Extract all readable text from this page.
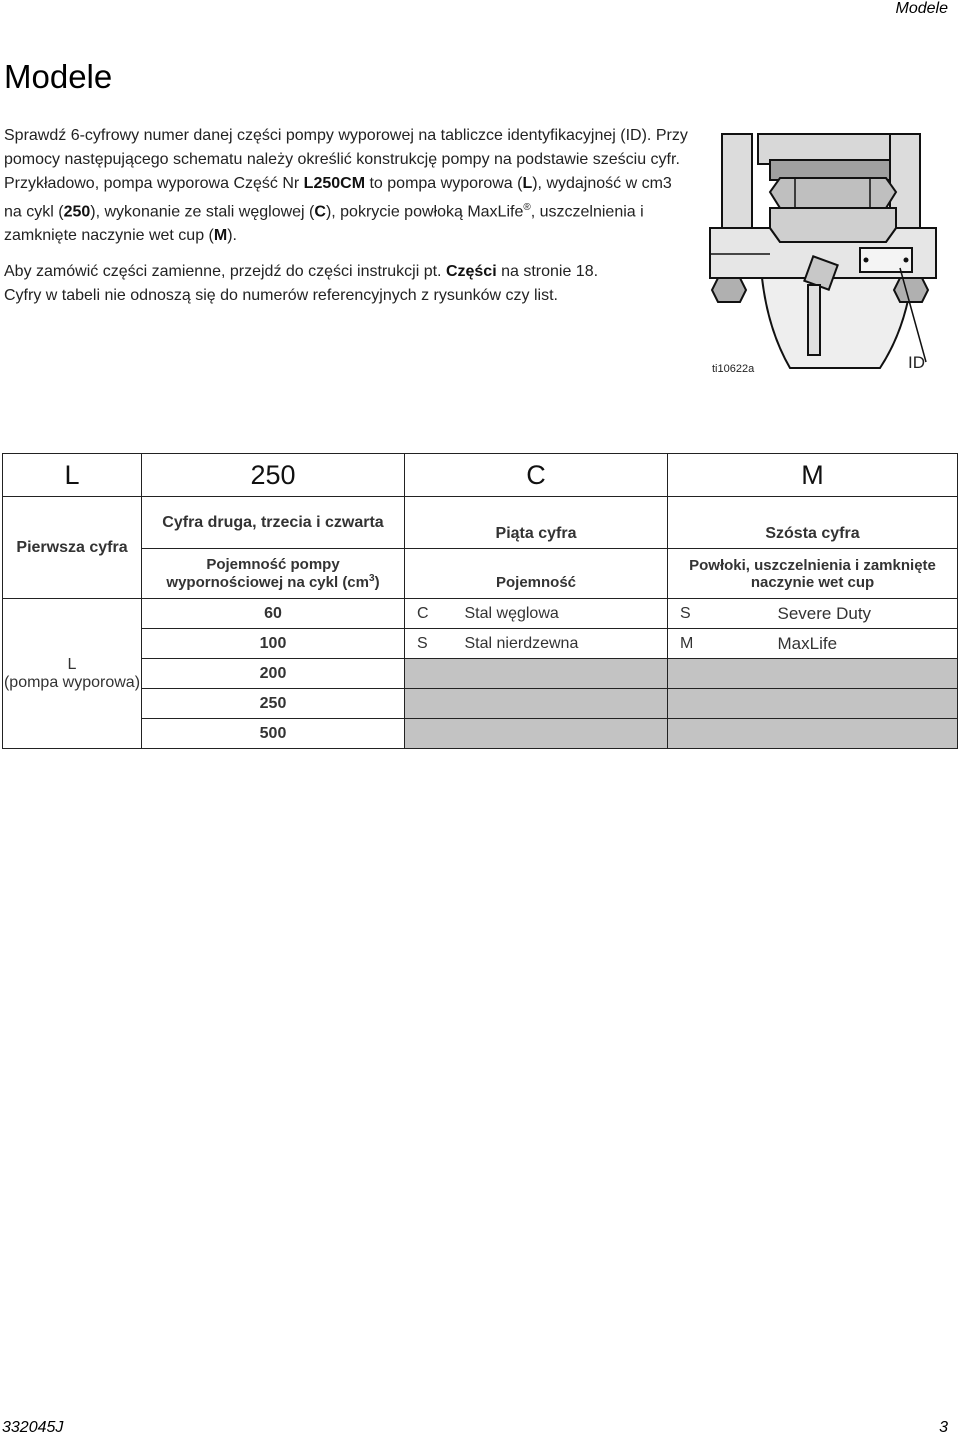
Modele
Modele

Sprawdź 6-cyfrowy numer danej części pompy wyporowej na tabliczce identyfikacyjnej (ID). Przy pomocy następującego schematu należy określić konstrukcję pompy na podstawie sześciu cyfr. Przykładowo, pompa wyporowa Część Nr L250CM to pompa wyporowa (L), wydajność w cm3 na cykl (250), wykonanie ze stali węglowej (C), pokrycie powłoką MaxLife®, uszczelnienia i zamknięte naczynie wet cup (M).

Aby zamówić części zamienne, przejdź do części instrukcji pt. Części na stronie 18.
Cyfry w tabeli nie odnoszą się do numerów referencyjnych z rysunków czy list.

ti10622a	ID
L	250	C		M	
Pierwsza cyfra	Cyfra druga, trzecia i czwarta	Piąta cyfra		Szósta cyfra	
	Pojemność pompy
wypornościowej na cykl $(cm^3)$	Pojemność		Powłoki, uszczelnienia i zamknięte naczynie wet cup	
L
(pompa wyporowa)	60	C	Stal węglowa	S	Severe Duty
	100	S	Stal nierdzewna	M	MaxLife
	200				
	250				
	500				
332045J	3
